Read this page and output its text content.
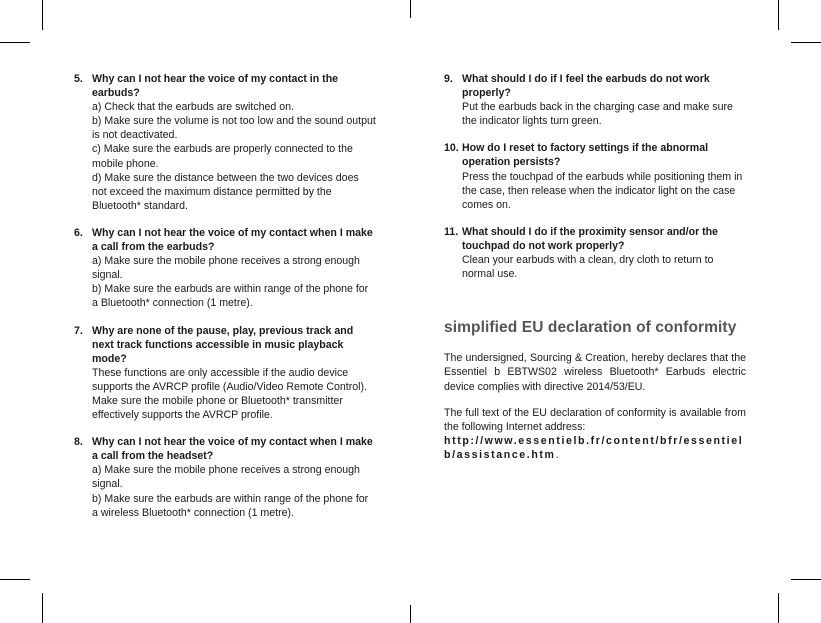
5. Why can I not hear the voice of my contact in the earbuds?
a) Check that the earbuds are switched on.
b) Make sure the volume is not too low and the sound output is not deactivated.
c) Make sure the earbuds are properly connected to the mobile phone.
d) Make sure the distance between the two devices does not exceed the maximum distance permitted by the Bluetooth* standard.
6. Why can I not hear the voice of my contact when I make a call from the earbuds?
a) Make sure the mobile phone receives a strong enough signal.
b) Make sure the earbuds are within range of the phone for a Bluetooth* connection (1 metre).
7. Why are none of the pause, play, previous track and next track functions accessible in music playback mode?
These functions are only accessible if the audio device supports the AVRCP profile (Audio/Video Remote Control). Make sure the mobile phone or Bluetooth* transmitter effectively supports the AVRCP profile.
8. Why can I not hear the voice of my contact when I make a call from the headset?
a) Make sure the mobile phone receives a strong enough signal.
b) Make sure the earbuds are within range of the phone for a wireless Bluetooth* connection (1 metre).
9. What should I do if I feel the earbuds do not work properly?
Put the earbuds back in the charging case and make sure the indicator lights turn green.
10. How do I reset to factory settings if the abnormal operation persists?
Press the touchpad of the earbuds while positioning them in the case, then release when the indicator light on the case comes on.
11. What should I do if the proximity sensor and/or the touchpad do not work properly?
Clean your earbuds with a clean, dry cloth to return to normal use.
simplified EU declaration of conformity

The undersigned, Sourcing & Creation, hereby declares that the Essentiel b EBTWS02 wireless Bluetooth* Earbuds electric device complies with directive 2014/53/EU.

The full text of the EU declaration of conformity is available from the following Internet address:
http://www.essentielb.fr/content/bfr/essentielb/assistance.htm.
